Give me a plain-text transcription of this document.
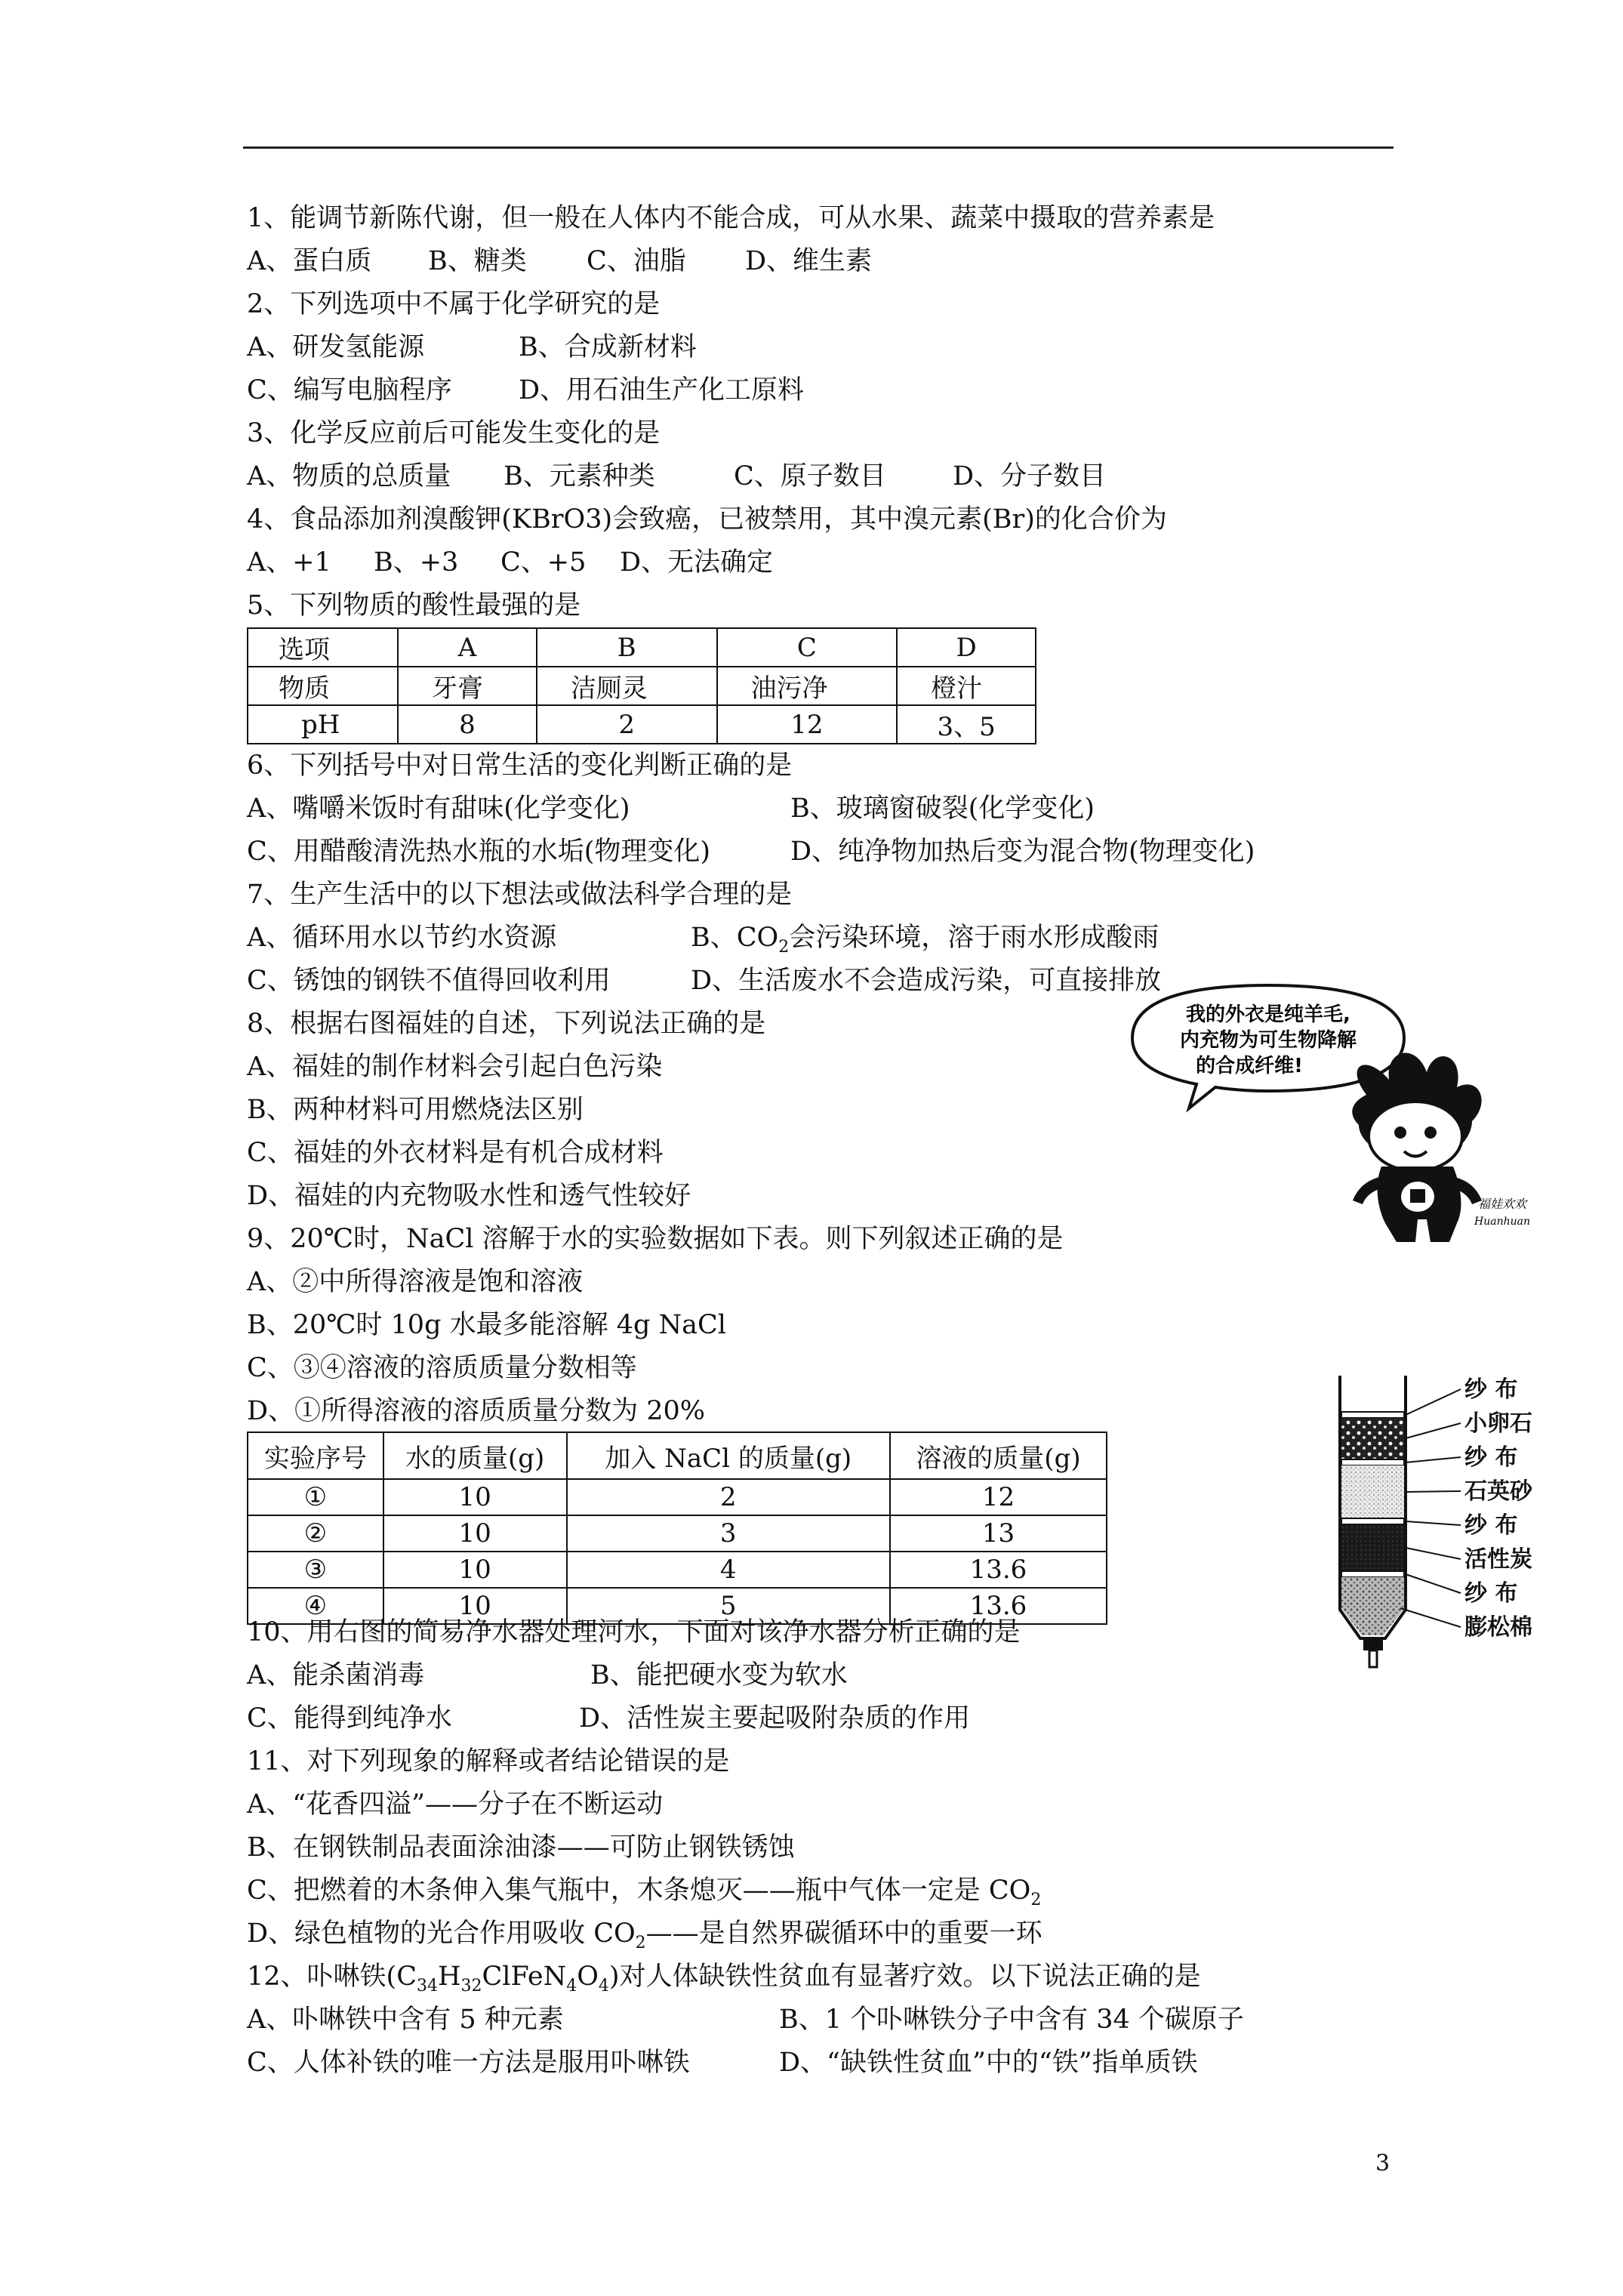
1、能调节新陈代谢，但一般在人体内不能合成，可从水果、蔬菜中摄取的营养素是
A、蛋白质 B、糖类 C、油脂 D、维生素
2、下列选项中不属于化学研究的是
A、研发氢能源	B、合成新材料
C、编写电脑程序	D、用石油生产化工原料
3、化学反应前后可能发生变化的是
A、物质的总质量 B、元素种类	C、原子数目	D、分子数目
4、食品添加剂溴酸钾(KBrO3)会致癌，已被禁用，其中溴元素(Br)的化合价为
A、+1 B、+3 C、+5 D、无法确定
5、下列物质的酸性最强的是
选项	A	B	C	D
物质	牙膏	洁厕灵	油污净	橙汁
pH	8	2	12	3、5
6、下列括号中对日常生活的变化判断正确的是
A、嘴嚼米饭时有甜味(化学变化)	B、玻璃窗破裂(化学变化)
C、用醋酸清洗热水瓶的水垢(物理变化)	D、纯净物加热后变为混合物(物理变化)
7、生产生活中的以下想法或做法科学合理的是
A、循环用水以节约水资源	B、$CO_2$会污染环境，溶于雨水形成酸雨
C、锈蚀的钢铁不值得回收利用	D、生活废水不会造成污染，可直接排放
8、根据右图福娃的自述，下列说法正确的是
A、福娃的制作材料会引起白色污染
B、两种材料可用燃烧法区别
C、福娃的外衣材料是有机合成材料
D、福娃的内充物吸水性和透气性较好
9、20℃时，NaCl 溶解于水的实验数据如下表。则下列叙述正确的是
A、②中所得溶液是饱和溶液
B、20℃时 10g 水最多能溶解 4g NaCl
C、③④溶液的溶质质量分数相等
D、①所得溶液的溶质质量分数为 20%
实验序号	水的质量(g)	加入 NaCl 的质量(g)	溶液的质量(g)
①	10	2	12
②	10	3	13
③	10	4	13.6
④	10	5	13.6
10、用右图的简易净水器处理河水，下面对该净水器分析正确的是
A、能杀菌消毒	B、能把硬水变为软水
C、能得到纯净水	D、活性炭主要起吸附杂质的作用
11、对下列现象的解释或者结论错误的是
A、“花香四溢”——分子在不断运动
B、在钢铁制品表面涂油漆——可防止钢铁锈蚀
C、把燃着的木条伸入集气瓶中，木条熄灭——瓶中气体一定是 $CO_2$
D、绿色植物的光合作用吸收 $CO_2——$是自然界碳循环中的重要一环
12、卟啉铁$(C_{34}H_{32}ClFeN_4O_4)$对人体缺铁性贫血有显著疗效。以下说法正确的是
A、卟啉铁中含有 5 种元素	B、1 个卟啉铁分子中含有 34 个碳原子
C、人体补铁的唯一方法是服用卟啉铁	D、“缺铁性贫血”中的“铁”指单质铁
我的外衣是纯羊毛,
内充物为可生物降解
的合成纤维!
福娃欢欢
Huanhuan
纱 布
小卵石
纱 布
石英砂
纱 布
活性炭
纱 布
膨松棉
3
